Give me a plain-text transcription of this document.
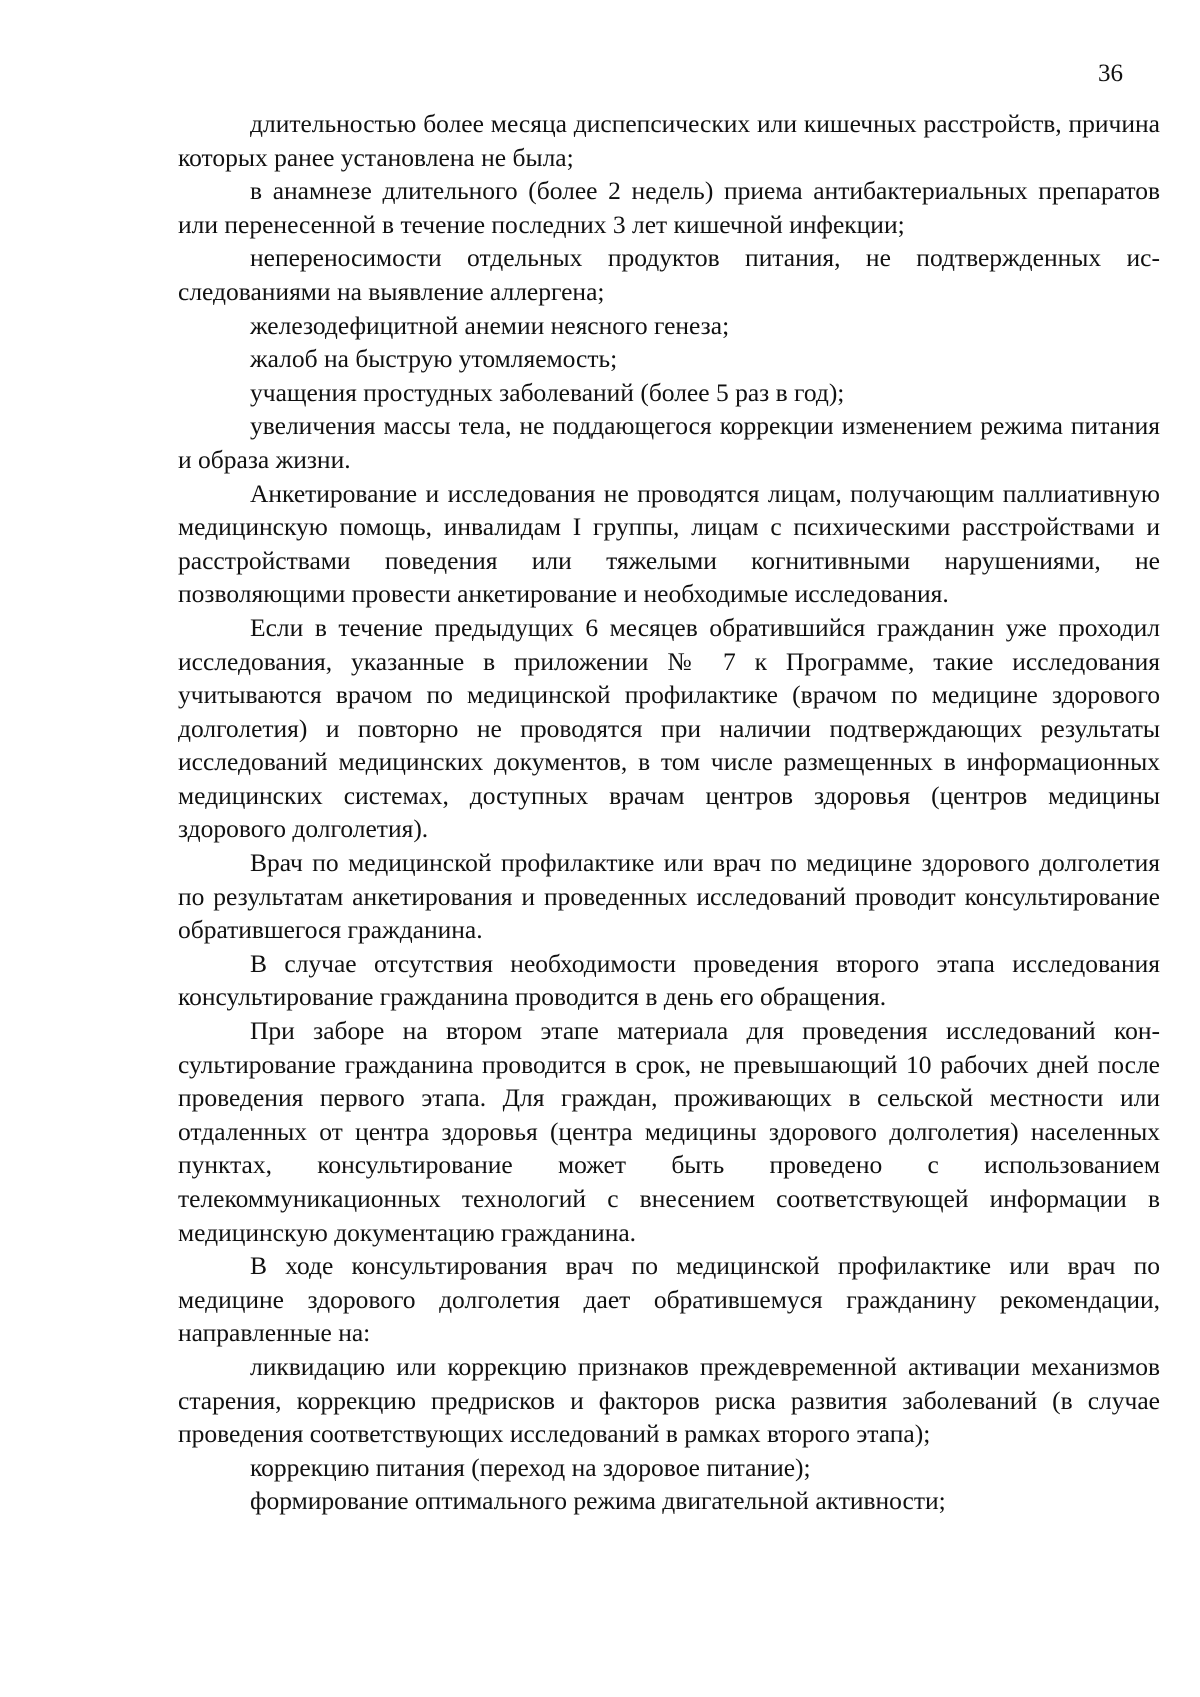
36

длительностью более месяца диспепсических или кишечных расстройств, причина которых ранее установлена не была;

в анамнезе длительного (более 2 недель) приема антибактериальных препаратов или перенесенной в течение последних 3 лет кишечной инфекции;

непереносимости отдельных продуктов питания, не подтвержденных исследованиями на выявление аллергена;

железодефицитной анемии неясного генеза;

жалоб на быструю утомляемость;

учащения простудных заболеваний (более 5 раз в год);

увеличения массы тела, не поддающегося коррекции изменением режима питания и образа жизни.

Анкетирование и исследования не проводятся лицам, получающим паллиативную медицинскую помощь, инвалидам I группы, лицам с психическими расстройствами и расстройствами поведения или тяжелыми когнитивными нарушениями, не позволяющими провести анкетирование и необходимые исследования.

Если в течение предыдущих 6 месяцев обратившийся гражданин уже проходил исследования, указанные в приложении № 7 к Программе, такие исследования учитываются врачом по медицинской профилактике (врачом по медицине здорового долголетия) и повторно не проводятся при наличии подтверждающих результаты исследований медицинских документов, в том числе размещенных в информационных медицинских системах, доступных врачам центров здоровья (центров медицины здорового долголетия).

Врач по медицинской профилактике или врач по медицине здорового долголетия по результатам анкетирования и проведенных исследований проводит консультирование обратившегося гражданина.

В случае отсутствия необходимости проведения второго этапа исследования консультирование гражданина проводится в день его обращения.

При заборе на втором этапе материала для проведения исследований консультирование гражданина проводится в срок, не превышающий 10 рабочих дней после проведения первого этапа. Для граждан, проживающих в сельской местности или отдаленных от центра здоровья (центра медицины здорового долголетия) населенных пунктах, консультирование может быть проведено с использованием телекоммуникационных технологий с внесением соответствующей информации в медицинскую документацию гражданина.

В ходе консультирования врач по медицинской профилактике или врач по медицине здорового долголетия дает обратившемуся гражданину рекомендации, направленные на:

ликвидацию или коррекцию признаков преждевременной активации механизмов старения, коррекцию предрисков и факторов риска развития заболеваний (в случае проведения соответствующих исследований в рамках второго этапа);

коррекцию питания (переход на здоровое питание);

формирование оптимального режима двигательной активности;
